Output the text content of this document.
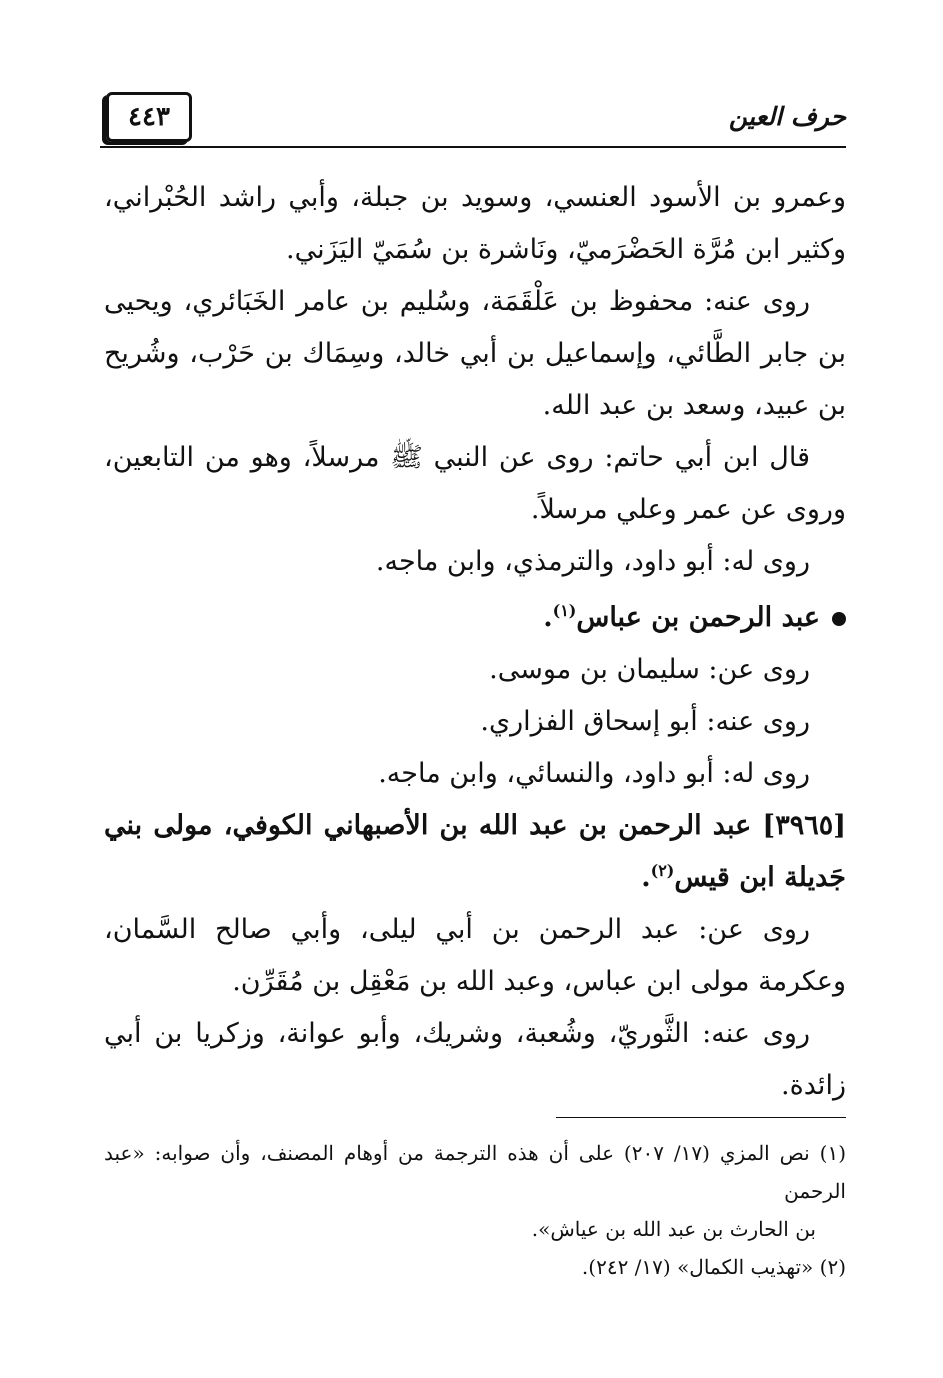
٤٤٣	حرف العين

وعمرو بن الأسود العنسي، وسويد بن جبلة، وأبي راشد الحُبْراني، وكثير ابن مُرَّة الحَضْرَميّ، ونَاشرة بن سُمَيّ اليَزَني.

روى عنه: محفوظ بن عَلْقَمَة، وسُليم بن عامر الخَبَائري، ويحيى بن جابر الطَّائي، وإسماعيل بن أبي خالد، وسِمَاك بن حَرْب، وشُريح بن عبيد، وسعد بن عبد الله.

قال ابن أبي حاتم: روى عن النبي ﷺ مرسلاً، وهو من التابعين، وروى عن عمر وعلي مرسلاً.

روى له: أبو داود، والترمذي، وابن ماجه.

عبد الرحمن بن عباس$^{(١)}$.

روى عن: سليمان بن موسى.

روى عنه: أبو إسحاق الفزاري.

روى له: أبو داود، والنسائي، وابن ماجه.

[٣٩٦٥] عبد الرحمن بن عبد الله بن الأصبهاني الكوفي، مولى بني جَديلة ابن قيس$^{(٢)}$.

روى عن: عبد الرحمن بن أبي ليلى، وأبي صالح السَّمان، وعكرمة مولى ابن عباس، وعبد الله بن مَعْقِل بن مُقَرِّن.

روى عنه: الثَّوريّ، وشُعبة، وشريك، وأبو عوانة، وزكريا بن أبي زائدة.

(١) نص المزي (١٧/ ٢٠٧) على أن هذه الترجمة من أوهام المصنف، وأن صوابه: «عبد الرحمن

بن الحارث بن عبد الله بن عياش».

(٢) «تهذيب الكمال» (١٧/ ٢٤٢).
